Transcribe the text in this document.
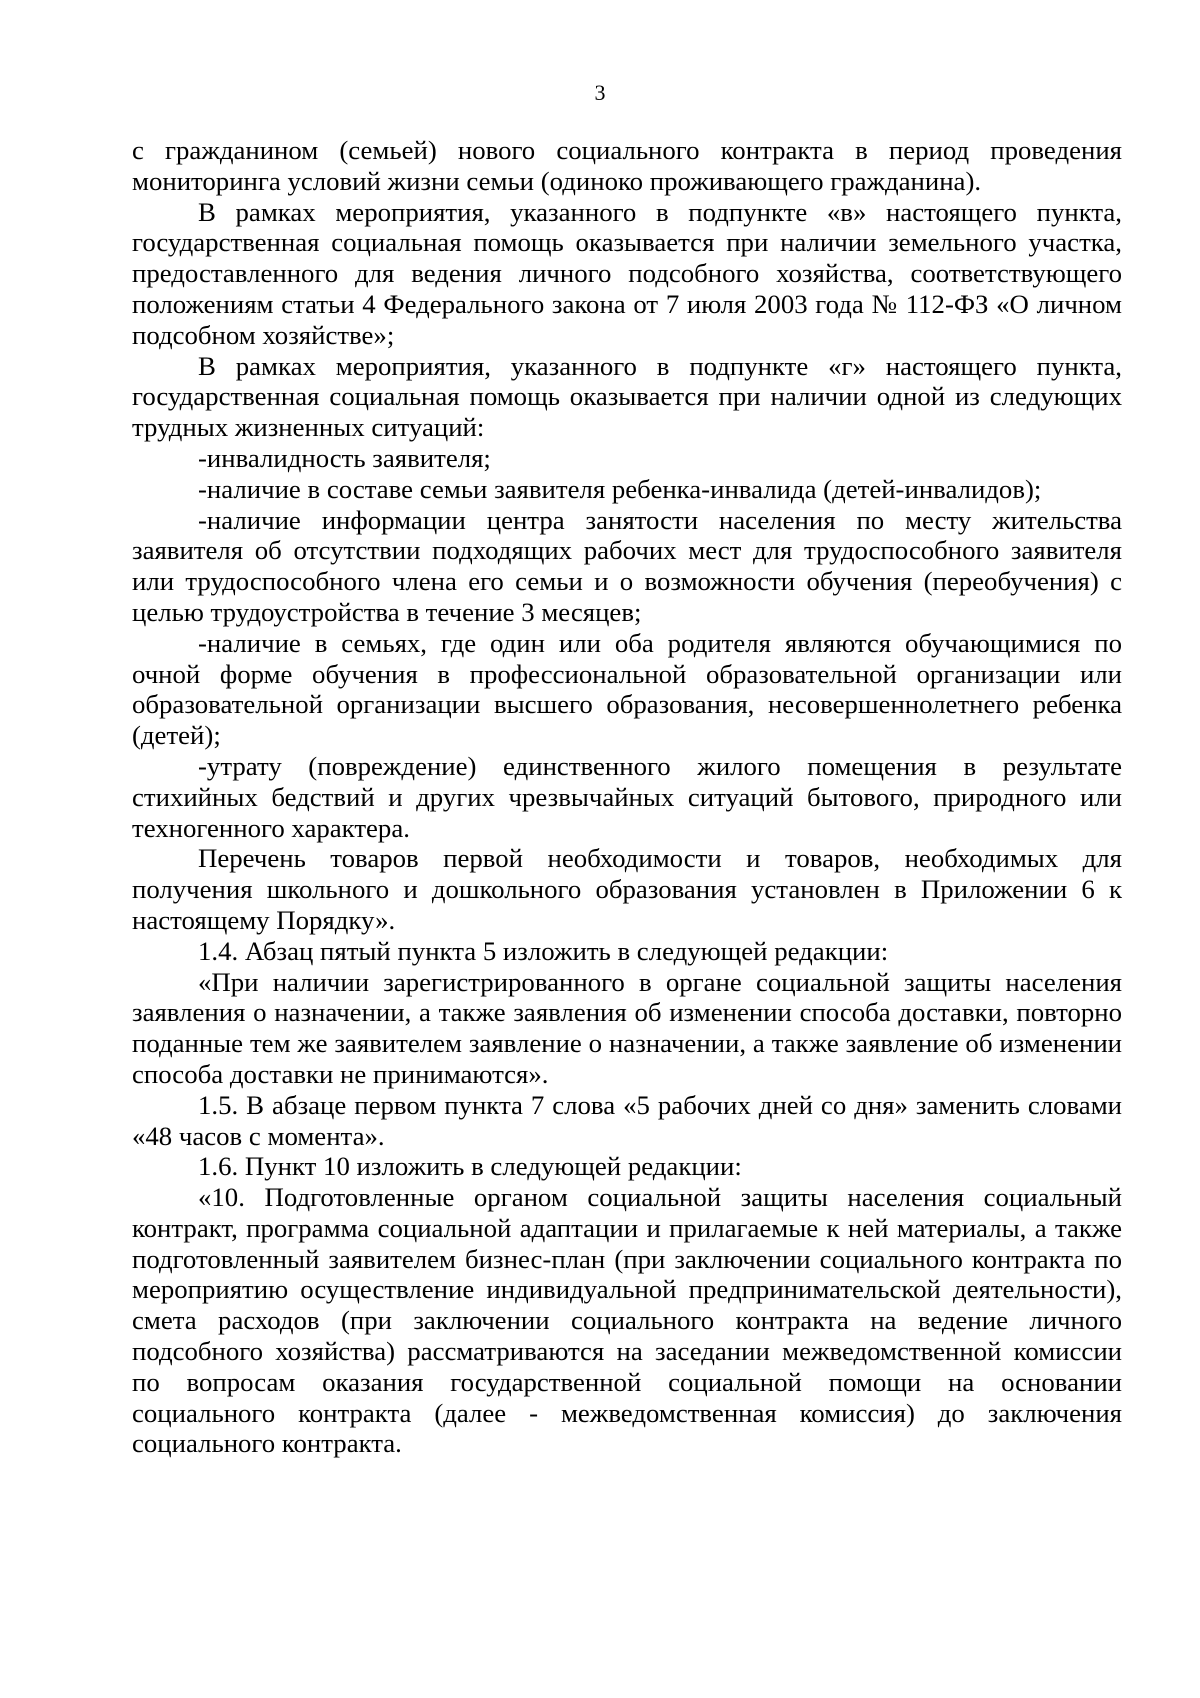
3

с гражданином (семьей) нового социального контракта в период проведения мониторинга условий жизни семьи (одиноко проживающего гражданина).

В рамках мероприятия, указанного в подпункте «в» настоящего пункта, государственная социальная помощь оказывается при наличии земельного участка, предоставленного для ведения личного подсобного хозяйства, соответствующего положениям статьи 4 Федерального закона от 7 июля 2003 года № 112-ФЗ «О личном подсобном хозяйстве»;

В рамках мероприятия, указанного в подпункте «г» настоящего пункта, государственная социальная помощь оказывается при наличии одной из следующих трудных жизненных ситуаций:

-инвалидность заявителя;

-наличие в составе семьи заявителя ребенка-инвалида (детей-инвалидов);

-наличие информации центра занятости населения по месту жительства заявителя об отсутствии подходящих рабочих мест для трудоспособного заявителя или трудоспособного члена его семьи и о возможности обучения (переобучения) с целью трудоустройства в течение 3 месяцев;

-наличие в семьях, где один или оба родителя являются обучающимися по очной форме обучения в профессиональной образовательной организации или образовательной организации высшего образования, несовершеннолетнего ребенка (детей);

-утрату (повреждение) единственного жилого помещения в результате стихийных бедствий и других чрезвычайных ситуаций бытового, природного или техногенного характера.

Перечень товаров первой необходимости и товаров, необходимых для получения школьного и дошкольного образования установлен в Приложении 6 к настоящему Порядку».

1.4. Абзац пятый пункта 5 изложить в следующей редакции:

«При наличии зарегистрированного в органе социальной защиты населения заявления о назначении, а также заявления об изменении способа доставки, повторно поданные тем же заявителем заявление о назначении, а также заявление об изменении способа доставки не принимаются».

1.5. В абзаце первом пункта 7 слова «5 рабочих дней со дня» заменить словами «48 часов с момента».

1.6. Пункт 10 изложить в следующей редакции:

«10. Подготовленные органом социальной защиты населения социальный контракт, программа социальной адаптации и прилагаемые к ней материалы, а также подготовленный заявителем бизнес-план (при заключении социального контракта по мероприятию осуществление индивидуальной предпринимательской деятельности), смета расходов (при заключении социального контракта на ведение личного подсобного хозяйства) рассматриваются на заседании межведомственной комиссии по вопросам оказания государственной социальной помощи на основании социального контракта (далее - межведомственная комиссия) до заключения социального контракта.
